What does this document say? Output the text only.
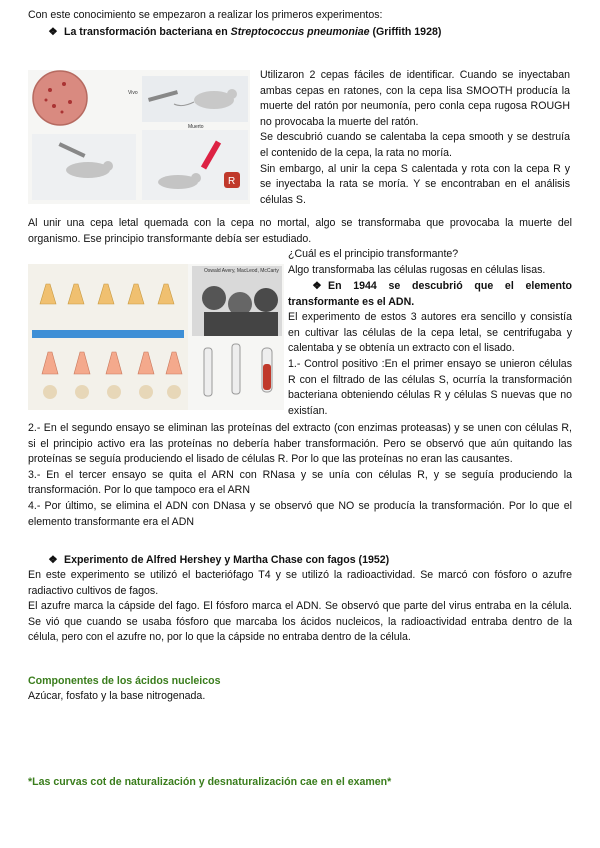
Con este conocimiento se empezaron a realizar los primeros experimentos:

❖ La transformación bacteriana en Streptococcus pneumoniae (Griffith 1928)

R
Vivo
Muerto

Utilizaron 2 cepas fáciles de identificar. Cuando se inyectaban ambas cepas en ratones, con la cepa lisa SMOOTH producía la muerte del ratón por neumonía, pero conla cepa rugosa ROUGH no provocaba la muerte del ratón.

Se descubrió cuando se calentaba la cepa smooth y se destruía el contenido de la cepa, la rata no moría.

Sin embargo, al unir la cepa S calentada y rota con la cepa R y se inyectaba la rata se moría. Y se encontraban en el análisis células S.

Al unir una cepa letal quemada con la cepa no mortal, algo se transformaba que provocaba la muerte del organismo. Ese principio transformante debía ser estudiado.

Oswald Avery, MacLeod, McCarty

¿Cuál es el principio transformante?

Algo transformaba las células rugosas en células lisas.

❖ En 1944 se descubrió que el elemento transformante es el ADN.

El experimento de estos 3 autores era sencillo y consistía en cultivar las células de la cepa letal, se centrifugaba y calentaba y se obtenía un extracto con el lisado.

1.- Control positivo :En el primer ensayo se unieron células R con el filtrado de las células S, ocurría la transformación bacteriana obteniendo células R y células S nuevas que no existían.

2.- En el segundo ensayo se eliminan las proteínas del extracto (con enzimas proteasas) y se unen con células R, si el principio activo era las proteínas no debería haber transformación. Pero se observó que aún quitando las proteínas se seguía produciendo el lisado de células R. Por lo que las proteínas no eran las causantes.

3.- En el tercer ensayo se quita el ARN con RNasa y se unía con células R, y se seguía produciendo la transformación. Por lo que tampoco era el ARN

4.- Por último, se elimina el ADN con DNasa y se observó que NO se producía la transformación. Por lo que el elemento transformante era el ADN

❖ Experimento de Alfred Hershey y Martha Chase con fagos (1952)

En este experimento se utilizó el bacteriófago T4 y se utilizó la radioactividad. Se marcó con fósforo o azufre radiactivo cultivos de fagos.

El azufre marca la cápside del fago. El fósforo marca el ADN. Se observó que parte del virus entraba en la célula. Se vió que cuando se usaba fósforo que marcaba los ácidos nucleicos, la radioactividad entraba dentro de la célula, pero con el azufre no, por lo que la cápside no entraba dentro de la célula.

Componentes de los ácidos nucleicos

Azúcar, fosfato y la base nitrogenada.

*Las curvas cot de naturalización y desnaturalización cae en el examen*
